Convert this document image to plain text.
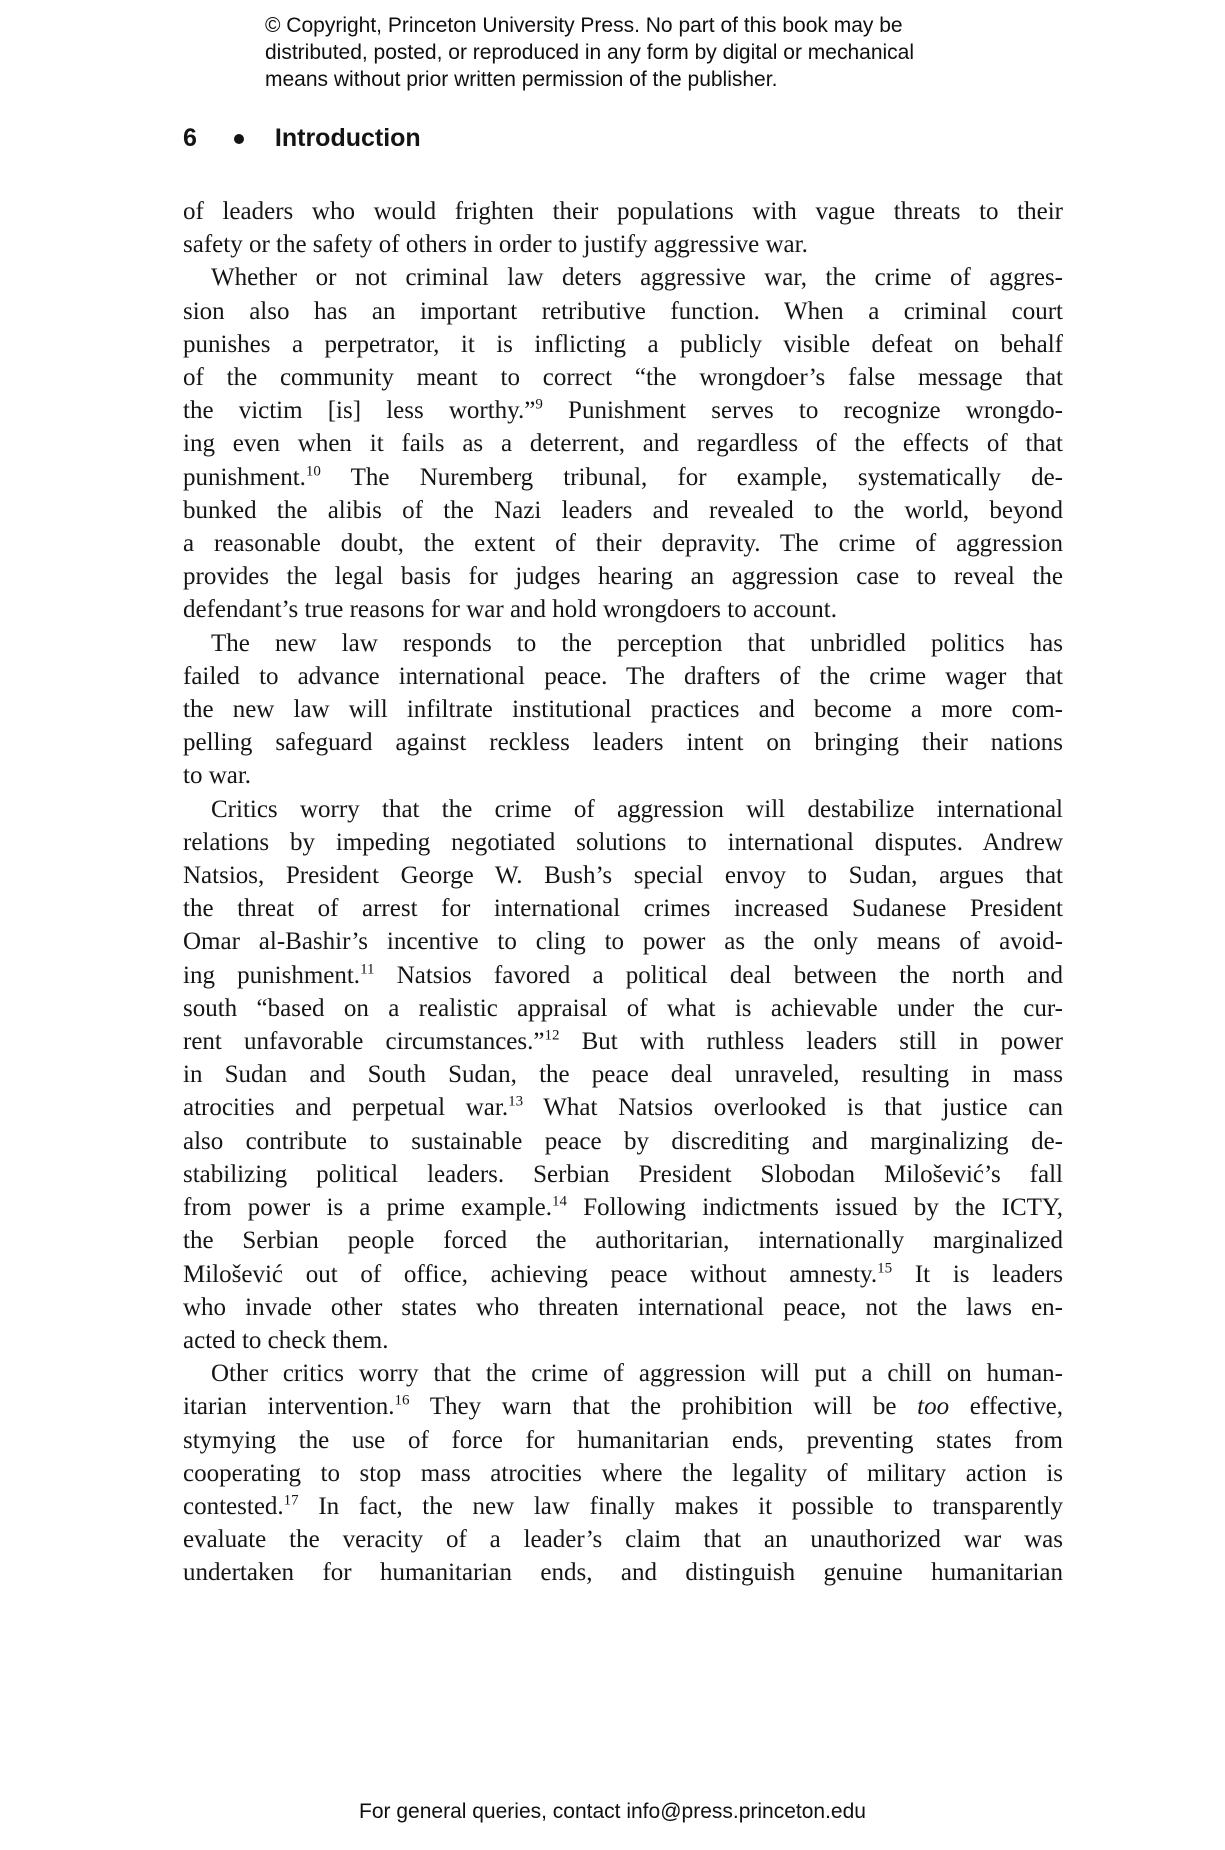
© Copyright, Princeton University Press. No part of this book may be
distributed, posted, or reproduced in any form by digital or mechanical
means without prior written permission of the publisher.
6	Introduction
of leaders who would frighten their populations with vague threats to their
safety or the safety of others in order to justify aggressive war.
Whether or not criminal law deters aggressive war, the crime of aggres-
sion also has an important retributive function. When a criminal court
punishes a perpetrator, it is inflicting a publicly visible defeat on behalf
of the community meant to correct “the wrongdoer’s false message that
the victim [is] less worthy.”$^9$ Punishment serves to recognize wrongdo-
ing even when it fails as a deterrent, and regardless of the effects of that
punishment.$^{10}$ The Nuremberg tribunal, for example, systematically de-
bunked the alibis of the Nazi leaders and revealed to the world, beyond
a reasonable doubt, the extent of their depravity. The crime of aggression
provides the legal basis for judges hearing an aggression case to reveal the
defendant’s true reasons for war and hold wrongdoers to account.
The new law responds to the perception that unbridled politics has
failed to advance international peace. The drafters of the crime wager that
the new law will infiltrate institutional practices and become a more com-
pelling safeguard against reckless leaders intent on bringing their nations
to war.
Critics worry that the crime of aggression will destabilize international
relations by impeding negotiated solutions to international disputes. Andrew
Natsios, President George W. Bush’s special envoy to Sudan, argues that
the threat of arrest for international crimes increased Sudanese President
Omar al-Bashir’s incentive to cling to power as the only means of avoid-
ing punishment.$^{11}$ Natsios favored a political deal between the north and
south “based on a realistic appraisal of what is achievable under the cur-
rent unfavorable circumstances.”$^{12}$ But with ruthless leaders still in power
in Sudan and South Sudan, the peace deal unraveled, resulting in mass
atrocities and perpetual war.$^{13}$ What Natsios overlooked is that justice can
also contribute to sustainable peace by discrediting and marginalizing de-
stabilizing political leaders. Serbian President Slobodan Milošević’s fall
from power is a prime example.$^{14}$ Following indictments issued by the ICTY,
the Serbian people forced the authoritarian, internationally marginalized
Milošević out of office, achieving peace without amnesty.$^{15}$ It is leaders
who invade other states who threaten international peace, not the laws en-
acted to check them.
Other critics worry that the crime of aggression will put a chill on human-
itarian intervention.$^{16}$ They warn that the prohibition will be too effective,
stymying the use of force for humanitarian ends, preventing states from
cooperating to stop mass atrocities where the legality of military action is
contested.$^{17}$ In fact, the new law finally makes it possible to transparently
evaluate the veracity of a leader’s claim that an unauthorized war was
undertaken for humanitarian ends, and distinguish genuine humanitarian
For general queries, contact info@press.princeton.edu
